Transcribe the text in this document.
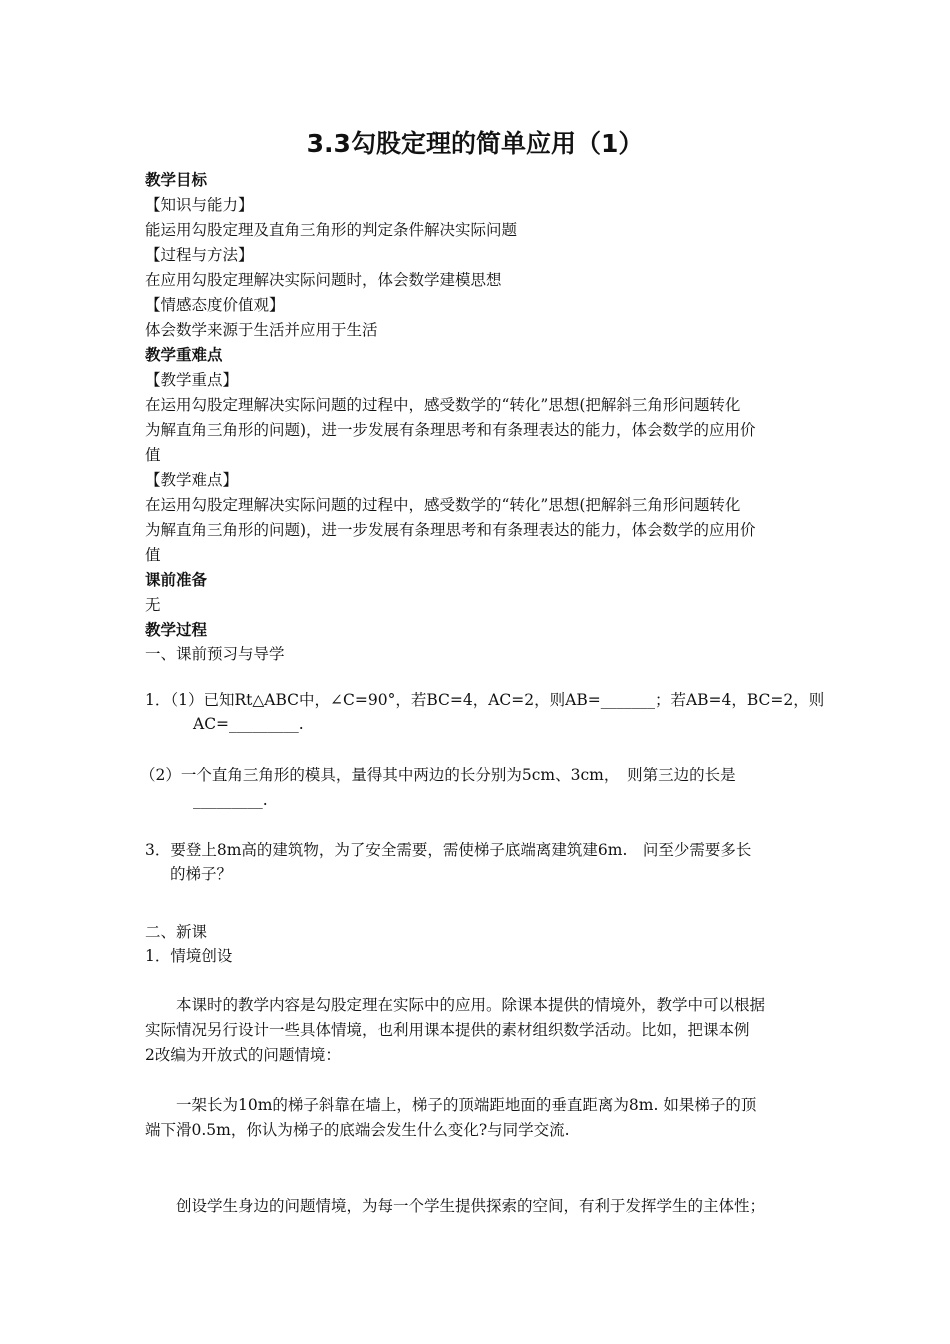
3.3勾股定理的简单应用（1）
教学目标
【知识与能力】
能运用勾股定理及直角三角形的判定条件解决实际问题
【过程与方法】
在应用勾股定理解决实际问题时，体会数学建模思想
【情感态度价值观】
体会数学来源于生活并应用于生活
教学重难点
【教学重点】
在运用勾股定理解决实际问题的过程中，感受数学的“转化”思想(把解斜三角形问题转化
为解直角三角形的问题)，进一步发展有条理思考和有条理表达的能力，体会数学的应用价
值
【教学难点】
在运用勾股定理解决实际问题的过程中，感受数学的“转化”思想(把解斜三角形问题转化
为解直角三角形的问题)，进一步发展有条理思考和有条理表达的能力，体会数学的应用价
值
课前准备
无
教学过程
一、课前预习与导学
1．（1）已知Rt△ABC中，∠C=90°，若BC=4，AC=2，则AB=_______；若AB=4，BC=2，则
AC=_________.
（2）一个直角三角形的模具，量得其中两边的长分别为5cm、3cm，　则第三边的长是
_________.
3．要登上8m高的建筑物，为了安全需要，需使梯子底端离建筑建6m.　问至少需要多长
的梯子？
二、新课
1．情境创设
本课时的教学内容是勾股定理在实际中的应用。除课本提供的情境外，教学中可以根据
实际情况另行设计一些具体情境，也利用课本提供的素材组织数学活动。比如，把课本例
2改编为开放式的问题情境：
一架长为10m的梯子斜靠在墙上，梯子的顶端距地面的垂直距离为8m. 如果梯子的顶
端下滑0.5m，你认为梯子的底端会发生什么变化?与同学交流.
创设学生身边的问题情境，为每一个学生提供探索的空间，有利于发挥学生的主体性；
